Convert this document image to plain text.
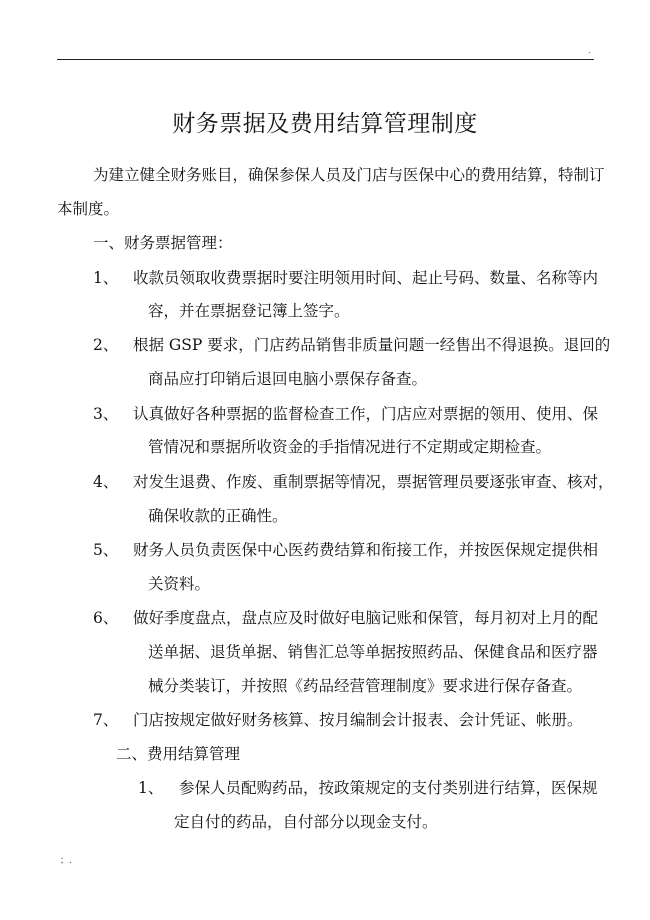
.
财务票据及费用结算管理制度
为建立健全财务账目，确保参保人员及门店与医保中心的费用结算，特制订
本制度。
一、财务票据管理：
1、 收款员领取收费票据时要注明领用时间、起止号码、数量、名称等内
容，并在票据登记簿上签字。
2、 根据 GSP 要求，门店药品销售非质量问题一经售出不得退换。退回的
商品应打印销后退回电脑小票保存备查。
3、 认真做好各种票据的监督检查工作，门店应对票据的领用、使用、保
管情况和票据所收资金的手指情况进行不定期或定期检查。
4、 对发生退费、作废、重制票据等情况，票据管理员要逐张审查、核对，
确保收款的正确性。
5、 财务人员负责医保中心医药费结算和衔接工作，并按医保规定提供相
关资料。
6、 做好季度盘点，盘点应及时做好电脑记账和保管，每月初对上月的配
送单据、退货单据、销售汇总等单据按照药品、保健食品和医疗器
械分类装订，并按照《药品经营管理制度》要求进行保存备查。
7、 门店按规定做好财务核算、按月编制会计报表、会计凭证、帐册。
二、费用结算管理
1、 参保人员配购药品，按政策规定的支付类别进行结算，医保规
定自付的药品，自付部分以现金支付。
；.
